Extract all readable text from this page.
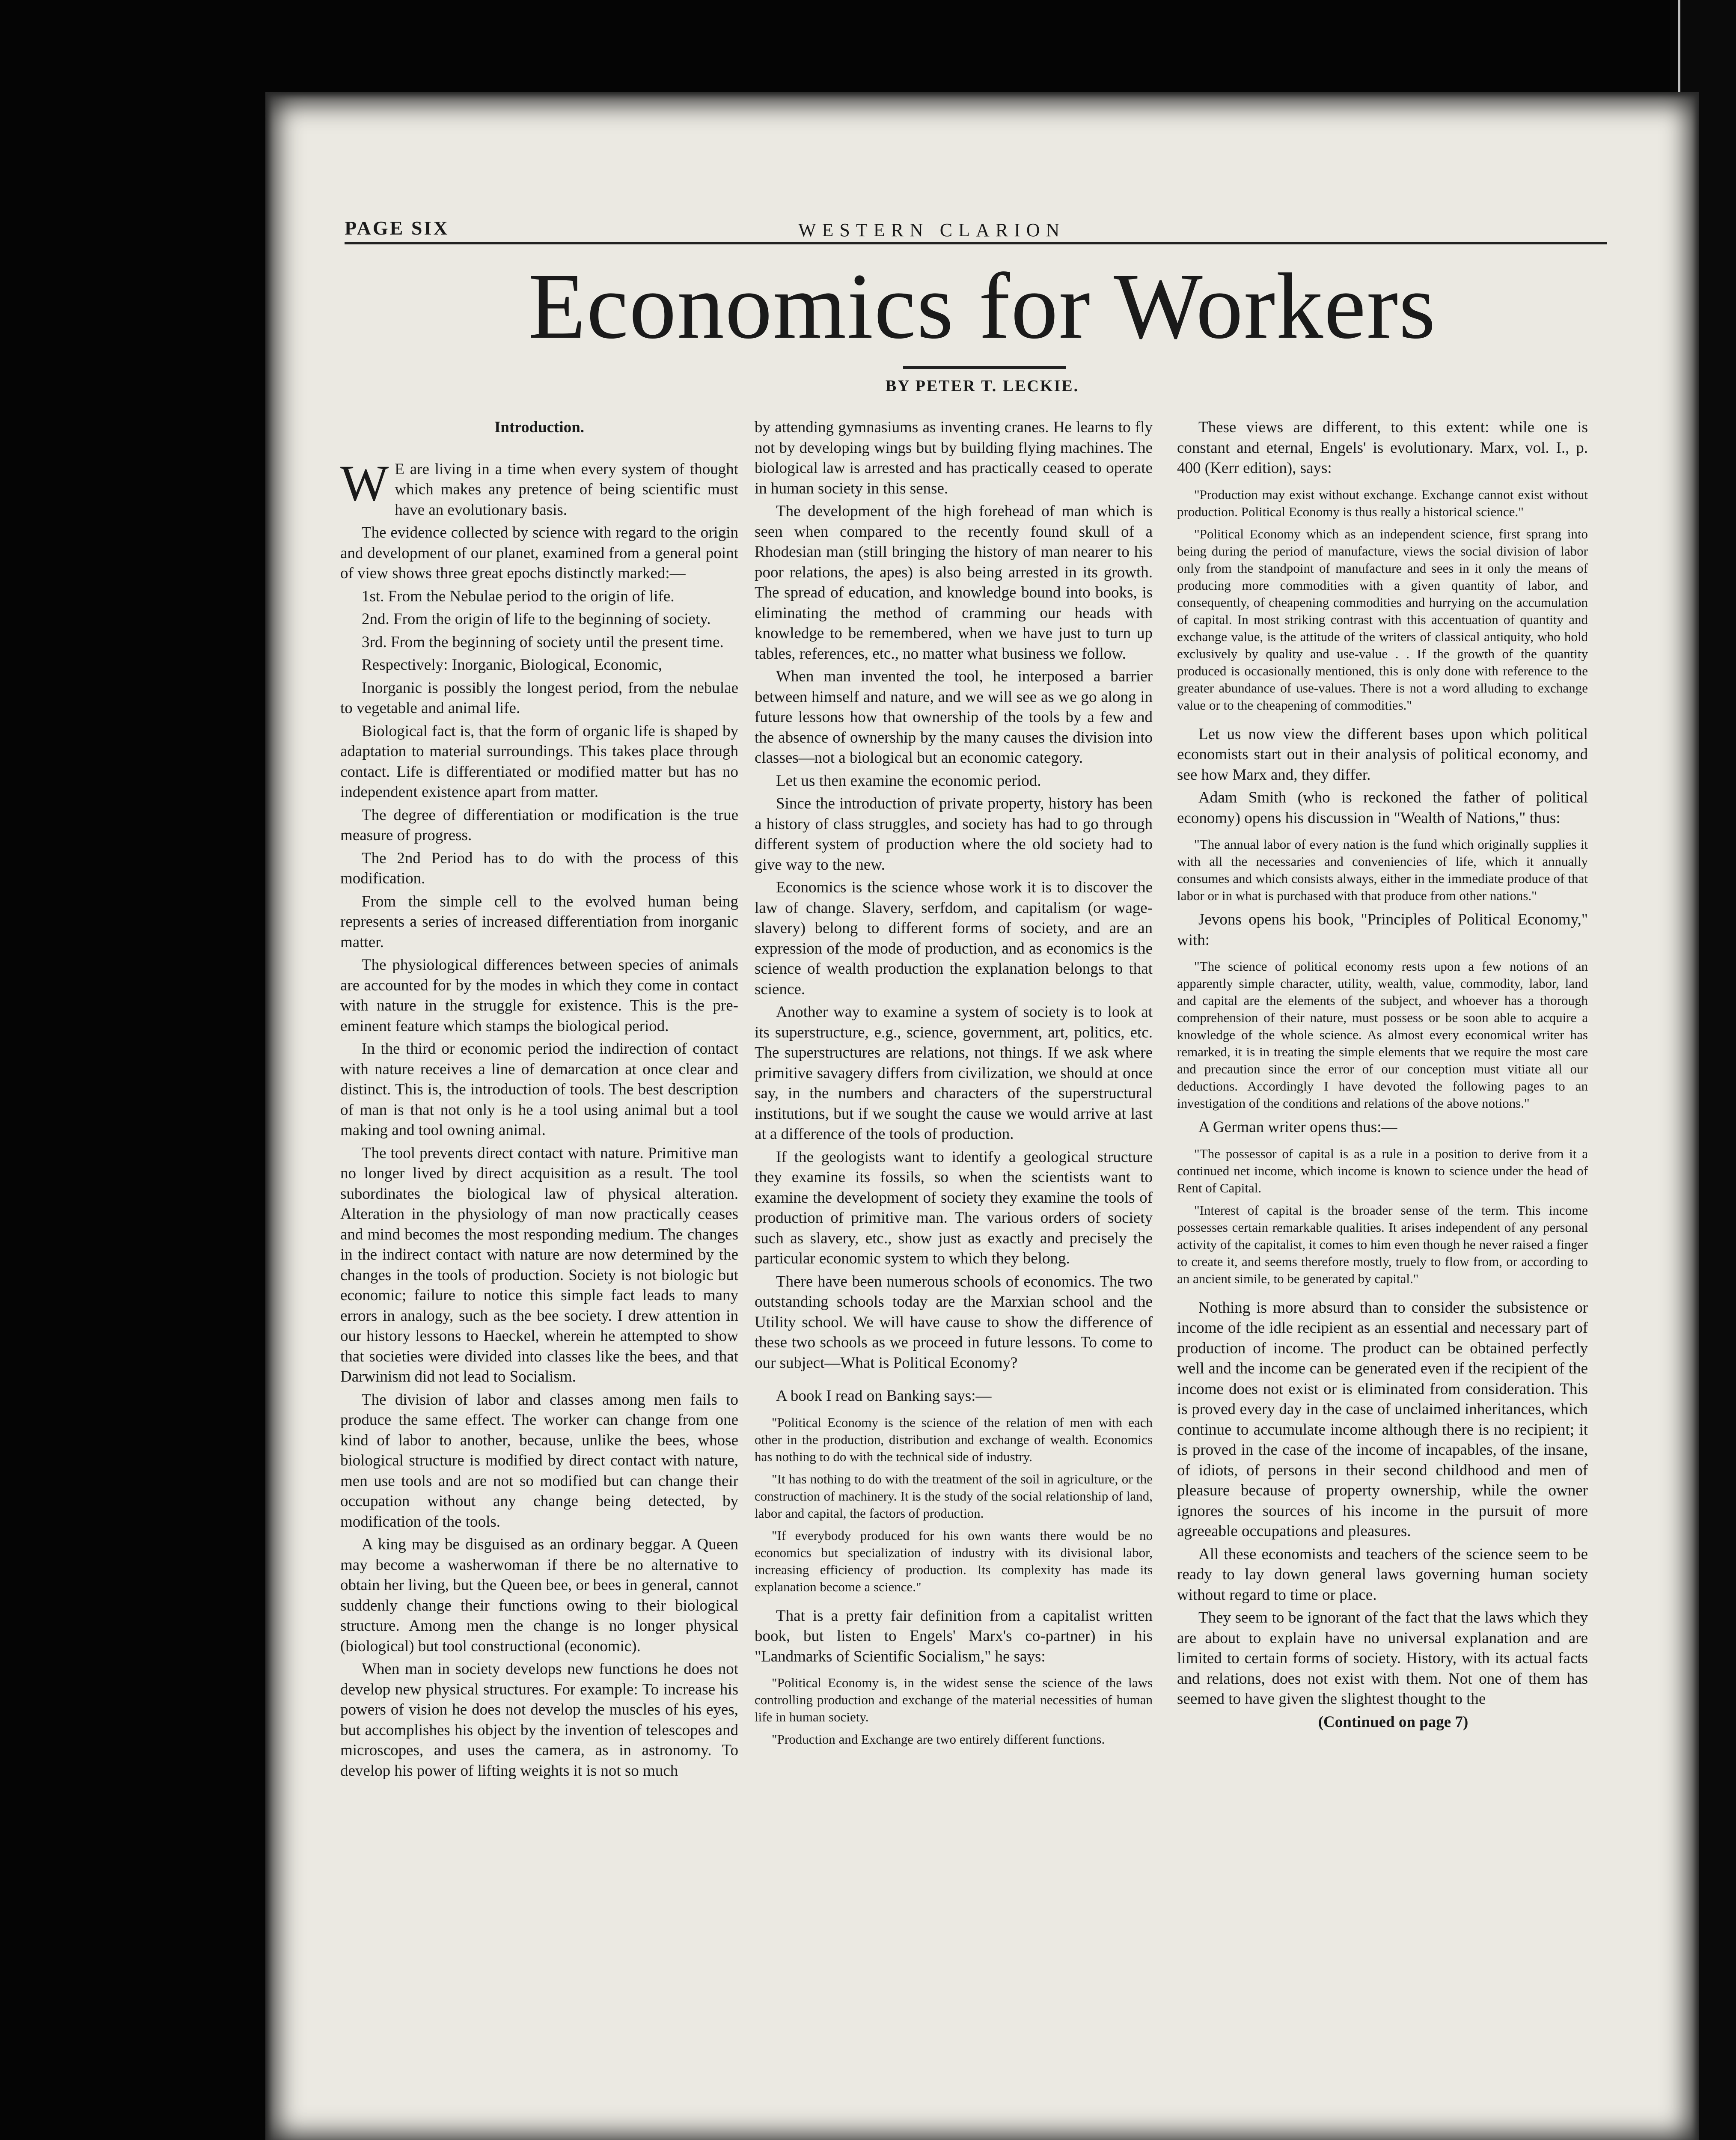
PAGE SIX	WESTERN CLARION
Economics for Workers
BY PETER T. LECKIE.

Introduction.

W E are living in a time when every system of thought which makes any pretence of being scientific must have an evolutionary basis.

The evidence collected by science with regard to the origin and development of our planet, examined from a general point of view shows three great epochs distinctly marked:—

1st. From the Nebulae period to the origin of life.

2nd. From the origin of life to the beginning of society.

3rd. From the beginning of society until the present time.

Respectively: Inorganic, Biological, Economic,

Inorganic is possibly the longest period, from the nebulae to vegetable and animal life.

Biological fact is, that the form of organic life is shaped by adaptation to material surroundings. This takes place through contact. Life is differentiated or modified matter but has no independent existence apart from matter.

The degree of differentiation or modification is the true measure of progress.

The 2nd Period has to do with the process of this modification.

From the simple cell to the evolved human being represents a series of increased differentiation from inorganic matter.

The physiological differences between species of animals are accounted for by the modes in which they come in contact with nature in the struggle for existence. This is the pre-eminent feature which stamps the biological period.

In the third or economic period the indirection of contact with nature receives a line of demarcation at once clear and distinct. This is, the introduction of tools. The best description of man is that not only is he a tool using animal but a tool making and tool owning animal.

The tool prevents direct contact with nature. Primitive man no longer lived by direct acquisition as a result. The tool subordinates the biological law of physical alteration. Alteration in the physiology of man now practically ceases and mind becomes the most responding medium. The changes in the indirect contact with nature are now determined by the changes in the tools of production. Society is not biologic but economic; failure to notice this simple fact leads to many errors in analogy, such as the bee society. I drew attention in our history lessons to Haeckel, wherein he attempted to show that societies were divided into classes like the bees, and that Darwinism did not lead to Socialism.

The division of labor and classes among men fails to produce the same effect. The worker can change from one kind of labor to another, because, unlike the bees, whose biological structure is modified by direct contact with nature, men use tools and are not so modified but can change their occupation without any change being detected, by modification of the tools.

A king may be disguised as an ordinary beggar. A Queen may become a washerwoman if there be no alternative to obtain her living, but the Queen bee, or bees in general, cannot suddenly change their functions owing to their biological structure. Among men the change is no longer physical (biological) but tool constructional (economic).

When man in society develops new functions he does not develop new physical structures. For example: To increase his powers of vision he does not develop the muscles of his eyes, but accomplishes his object by the invention of telescopes and microscopes, and uses the camera, as in astronomy. To develop his power of lifting weights it is not so much

by attending gymnasiums as inventing cranes. He learns to fly not by developing wings but by building flying machines. The biological law is arrested and has practically ceased to operate in human society in this sense.

The development of the high forehead of man which is seen when compared to the recently found skull of a Rhodesian man (still bringing the history of man nearer to his poor relations, the apes) is also being arrested in its growth. The spread of education, and knowledge bound into books, is eliminating the method of cramming our heads with knowledge to be remembered, when we have just to turn up tables, references, etc., no matter what business we follow.

When man invented the tool, he interposed a barrier between himself and nature, and we will see as we go along in future lessons how that ownership of the tools by a few and the absence of ownership by the many causes the division into classes—not a biological but an economic category.

Let us then examine the economic period.

Since the introduction of private property, history has been a history of class struggles, and society has had to go through different system of production where the old society had to give way to the new.

Economics is the science whose work it is to discover the law of change. Slavery, serfdom, and capitalism (or wage-slavery) belong to different forms of society, and are an expression of the mode of production, and as economics is the science of wealth production the explanation belongs to that science.

Another way to examine a system of society is to look at its superstructure, e.g., science, government, art, politics, etc. The superstructures are relations, not things. If we ask where primitive savagery differs from civilization, we should at once say, in the numbers and characters of the superstructural institutions, but if we sought the cause we would arrive at last at a difference of the tools of production.

If the geologists want to identify a geological structure they examine its fossils, so when the scientists want to examine the development of society they examine the tools of production of primitive man. The various orders of society such as slavery, etc., show just as exactly and precisely the particular economic system to which they belong.

There have been numerous schools of economics. The two outstanding schools today are the Marxian school and the Utility school. We will have cause to show the difference of these two schools as we proceed in future lessons. To come to our subject—What is Political Economy?

A book I read on Banking says:—

"Political Economy is the science of the relation of men with each other in the production, distribution and exchange of wealth. Economics has nothing to do with the technical side of industry.

"It has nothing to do with the treatment of the soil in agriculture, or the construction of machinery. It is the study of the social relationship of land, labor and capital, the factors of production.

"If everybody produced for his own wants there would be no economics but specialization of industry with its divisional labor, increasing efficiency of production. Its complexity has made its explanation become a science."

That is a pretty fair definition from a capitalist written book, but listen to Engels' Marx's co-partner) in his "Landmarks of Scientific Socialism," he says:

"Political Economy is, in the widest sense the science of the laws controlling production and exchange of the material necessities of human life in human society.

"Production and Exchange are two entirely different functions.

These views are different, to this extent: while one is constant and eternal, Engels' is evolutionary. Marx, vol. I., p. 400 (Kerr edition), says:

"Production may exist without exchange. Exchange cannot exist without production. Political Economy is thus really a historical science."

"Political Economy which as an independent science, first sprang into being during the period of manufacture, views the social division of labor only from the standpoint of manufacture and sees in it only the means of producing more commodities with a given quantity of labor, and consequently, of cheapening commodities and hurrying on the accumulation of capital. In most striking contrast with this accentuation of quantity and exchange value, is the attitude of the writers of classical antiquity, who hold exclusively by quality and use-value . . If the growth of the quantity produced is occasionally mentioned, this is only done with reference to the greater abundance of use-values. There is not a word alluding to exchange value or to the cheapening of commodities."

Let us now view the different bases upon which political economists start out in their analysis of political economy, and see how Marx and, they differ.

Adam Smith (who is reckoned the father of political economy) opens his discussion in "Wealth of Nations," thus:

"The annual labor of every nation is the fund which originally supplies it with all the necessaries and conveniencies of life, which it annually consumes and which consists always, either in the immediate produce of that labor or in what is purchased with that produce from other nations."

Jevons opens his book, "Principles of Political Economy," with:

"The science of political economy rests upon a few notions of an apparently simple character, utility, wealth, value, commodity, labor, land and capital are the elements of the subject, and whoever has a thorough comprehension of their nature, must possess or be soon able to acquire a knowledge of the whole science. As almost every economical writer has remarked, it is in treating the simple elements that we require the most care and precaution since the error of our conception must vitiate all our deductions. Accordingly I have devoted the following pages to an investigation of the conditions and relations of the above notions."

A German writer opens thus:—

"The possessor of capital is as a rule in a position to derive from it a continued net income, which income is known to science under the head of Rent of Capital.

"Interest of capital is the broader sense of the term. This income possesses certain remarkable qualities. It arises independent of any personal activity of the capitalist, it comes to him even though he never raised a finger to create it, and seems therefore mostly, truely to flow from, or according to an ancient simile, to be generated by capital."

Nothing is more absurd than to consider the subsistence or income of the idle recipient as an essential and necessary part of production of income. The product can be obtained perfectly well and the income can be generated even if the recipient of the income does not exist or is eliminated from consideration. This is proved every day in the case of unclaimed inheritances, which continue to accumulate income although there is no recipient; it is proved in the case of the income of incapables, of the insane, of idiots, of persons in their second childhood and men of pleasure because of property ownership, while the owner ignores the sources of his income in the pursuit of more agreeable occupations and pleasures.

All these economists and teachers of the science seem to be ready to lay down general laws governing human society without regard to time or place.

They seem to be ignorant of the fact that the laws which they are about to explain have no universal explanation and are limited to certain forms of society. History, with its actual facts and relations, does not exist with them. Not one of them has seemed to have given the slightest thought to the

(Continued on page 7)
